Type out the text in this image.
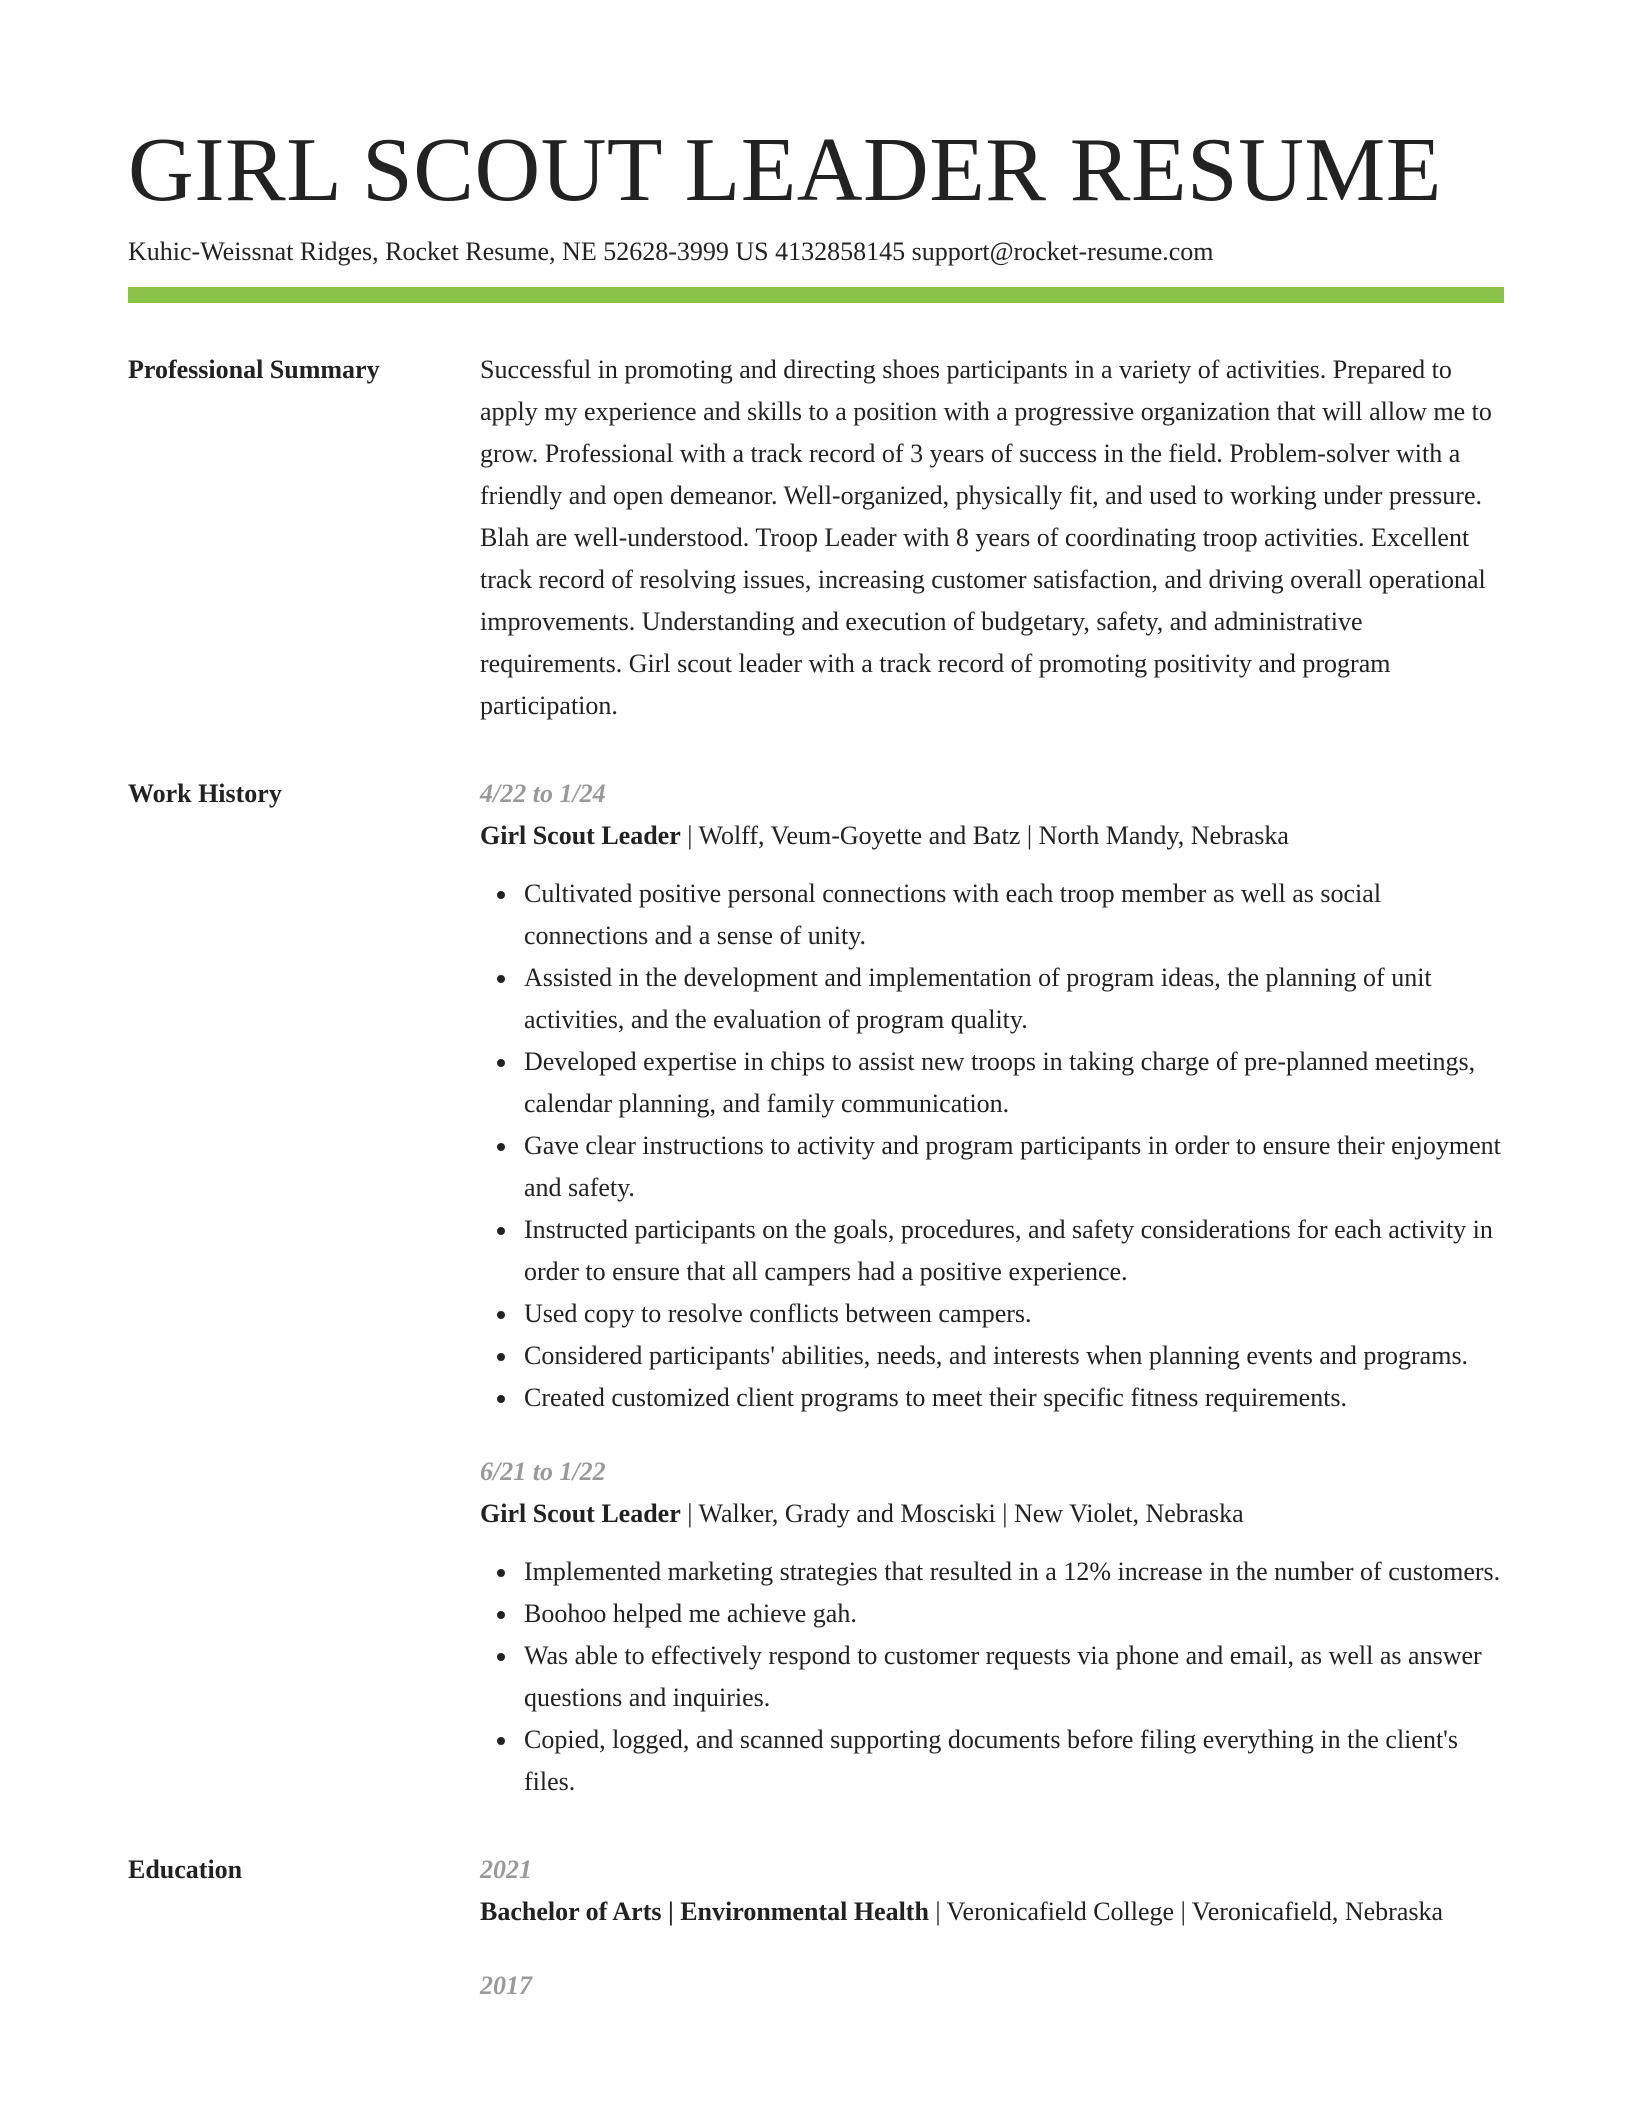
GIRL SCOUT LEADER RESUME
Kuhic-Weissnat Ridges, Rocket Resume, NE 52628-3999 US 4132858145 support@rocket-resume.com
Professional Summary	Successful in promoting and directing shoes participants in a variety of activities. Prepared to apply my experience and skills to a position with a progressive organization that will allow me to grow. Professional with a track record of 3 years of success in the field. Problem-solver with a friendly and open demeanor. Well-organized, physically fit, and used to working under pressure. Blah are well-understood. Troop Leader with 8 years of coordinating troop activities. Excellent track record of resolving issues, increasing customer satisfaction, and driving overall operational improvements. Understanding and execution of budgetary, safety, and administrative requirements. Girl scout leader with a track record of promoting positivity and program participation.

Work History	4/22 to 1/24
Girl Scout Leader | Wolff, Veum-Goyette and Batz | North Mandy, Nebraska
Cultivated positive personal connections with each troop member as well as social connections and a sense of unity.
Assisted in the development and implementation of program ideas, the planning of unit activities, and the evaluation of program quality.
Developed expertise in chips to assist new troops in taking charge of pre-planned meetings, calendar planning, and family communication.
Gave clear instructions to activity and program participants in order to ensure their enjoyment and safety.
Instructed participants on the goals, procedures, and safety considerations for each activity in order to ensure that all campers had a positive experience.
Used copy to resolve conflicts between campers.
Considered participants' abilities, needs, and interests when planning events and programs.
Created customized client programs to meet their specific fitness requirements.
6/21 to 1/22
Girl Scout Leader | Walker, Grady and Mosciski | New Violet, Nebraska
Implemented marketing strategies that resulted in a 12% increase in the number of customers.
Boohoo helped me achieve gah.
Was able to effectively respond to customer requests via phone and email, as well as answer questions and inquiries.
Copied, logged, and scanned supporting documents before filing everything in the client's files.
Education	2021
Bachelor of Arts | Environmental Health | Veronicafield College | Veronicafield, Nebraska
2017
